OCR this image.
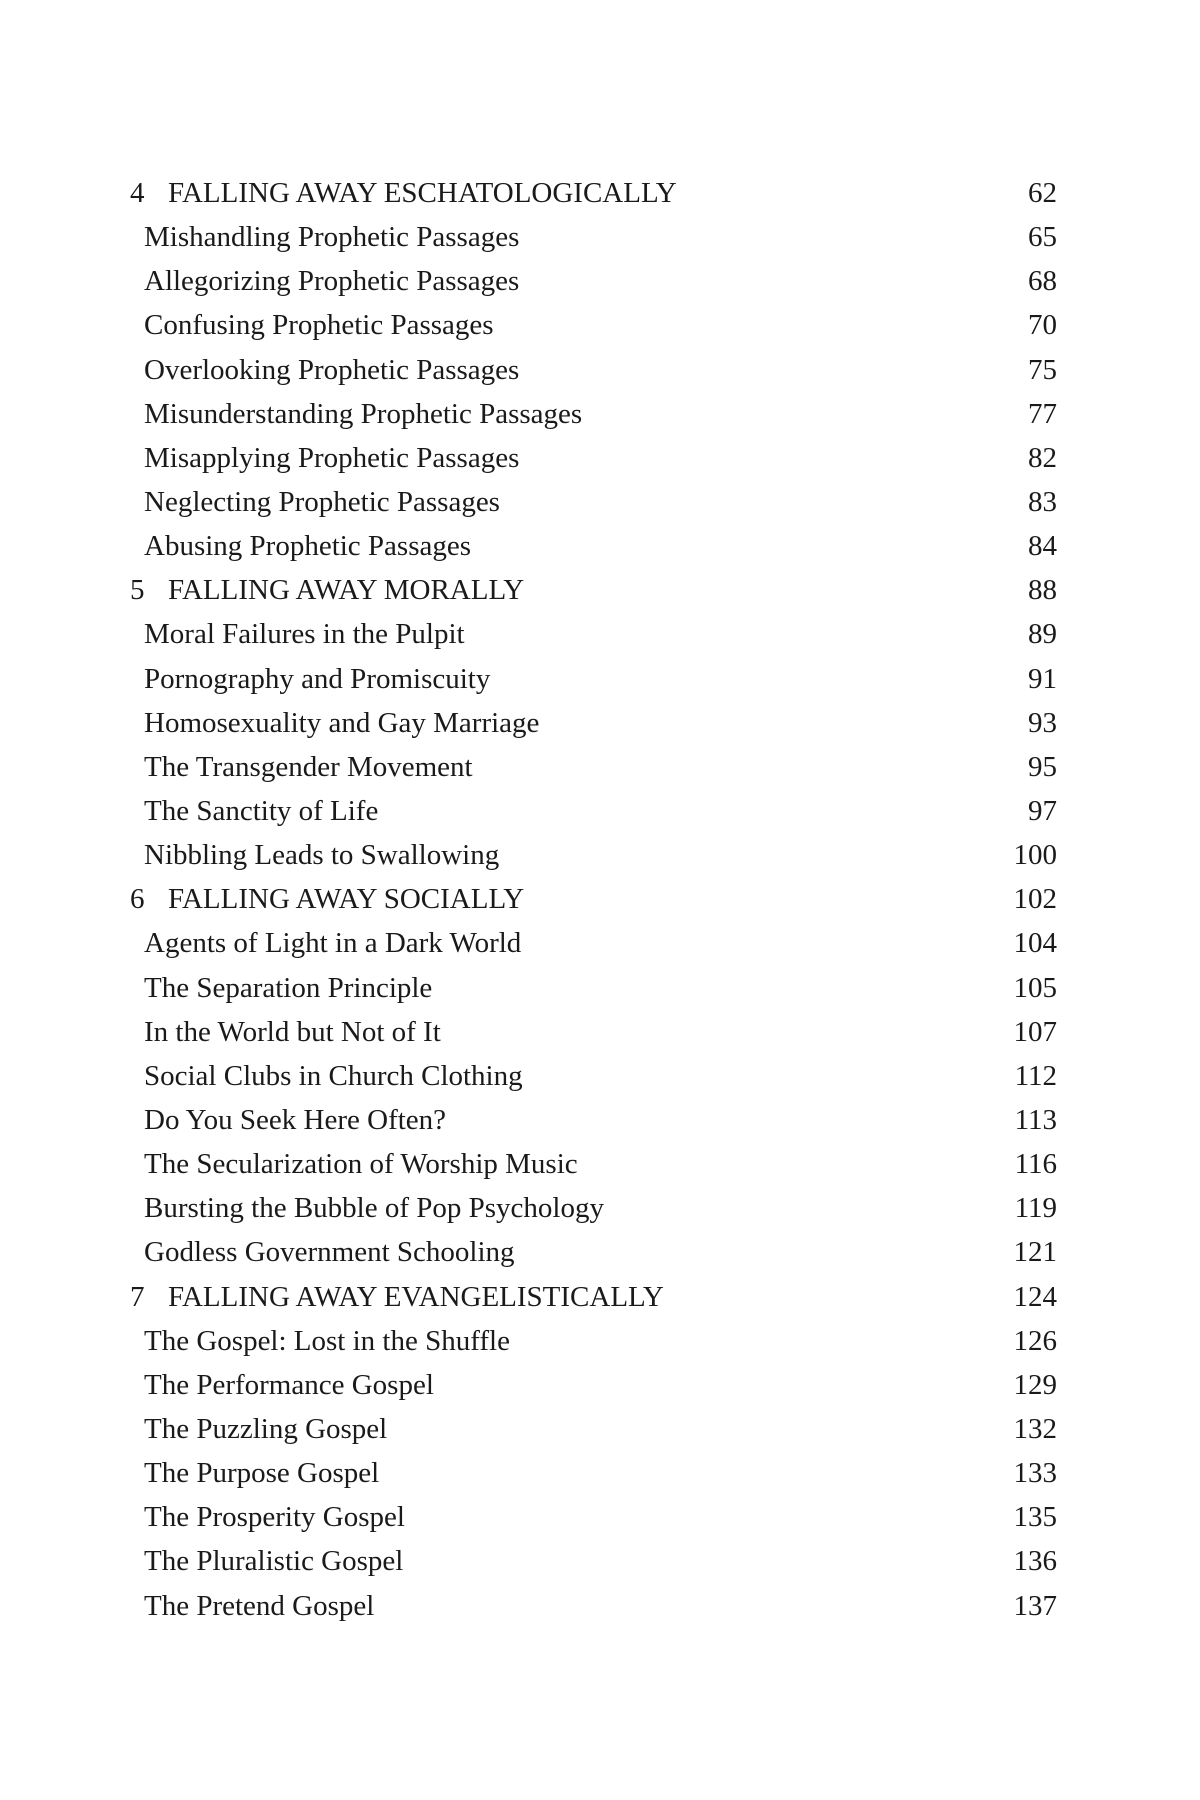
4 FALLING AWAY ESCHATOLOGICALLY	62
Mishandling Prophetic Passages	65
Allegorizing Prophetic Passages	68
Confusing Prophetic Passages	70
Overlooking Prophetic Passages	75
Misunderstanding Prophetic Passages	77
Misapplying Prophetic Passages	82
Neglecting Prophetic Passages	83
Abusing Prophetic Passages	84
5 FALLING AWAY MORALLY	88
Moral Failures in the Pulpit	89
Pornography and Promiscuity	91
Homosexuality and Gay Marriage	93
The Transgender Movement	95
The Sanctity of Life	97
Nibbling Leads to Swallowing	100
6 FALLING AWAY SOCIALLY	102
Agents of Light in a Dark World	104
The Separation Principle	105
In the World but Not of It	107
Social Clubs in Church Clothing	112
Do You Seek Here Often?	113
The Secularization of Worship Music	116
Bursting the Bubble of Pop Psychology	119
Godless Government Schooling	121
7 FALLING AWAY EVANGELISTICALLY	124
The Gospel: Lost in the Shuffle	126
The Performance Gospel	129
The Puzzling Gospel	132
The Purpose Gospel	133
The Prosperity Gospel	135
The Pluralistic Gospel	136
The Pretend Gospel	137
